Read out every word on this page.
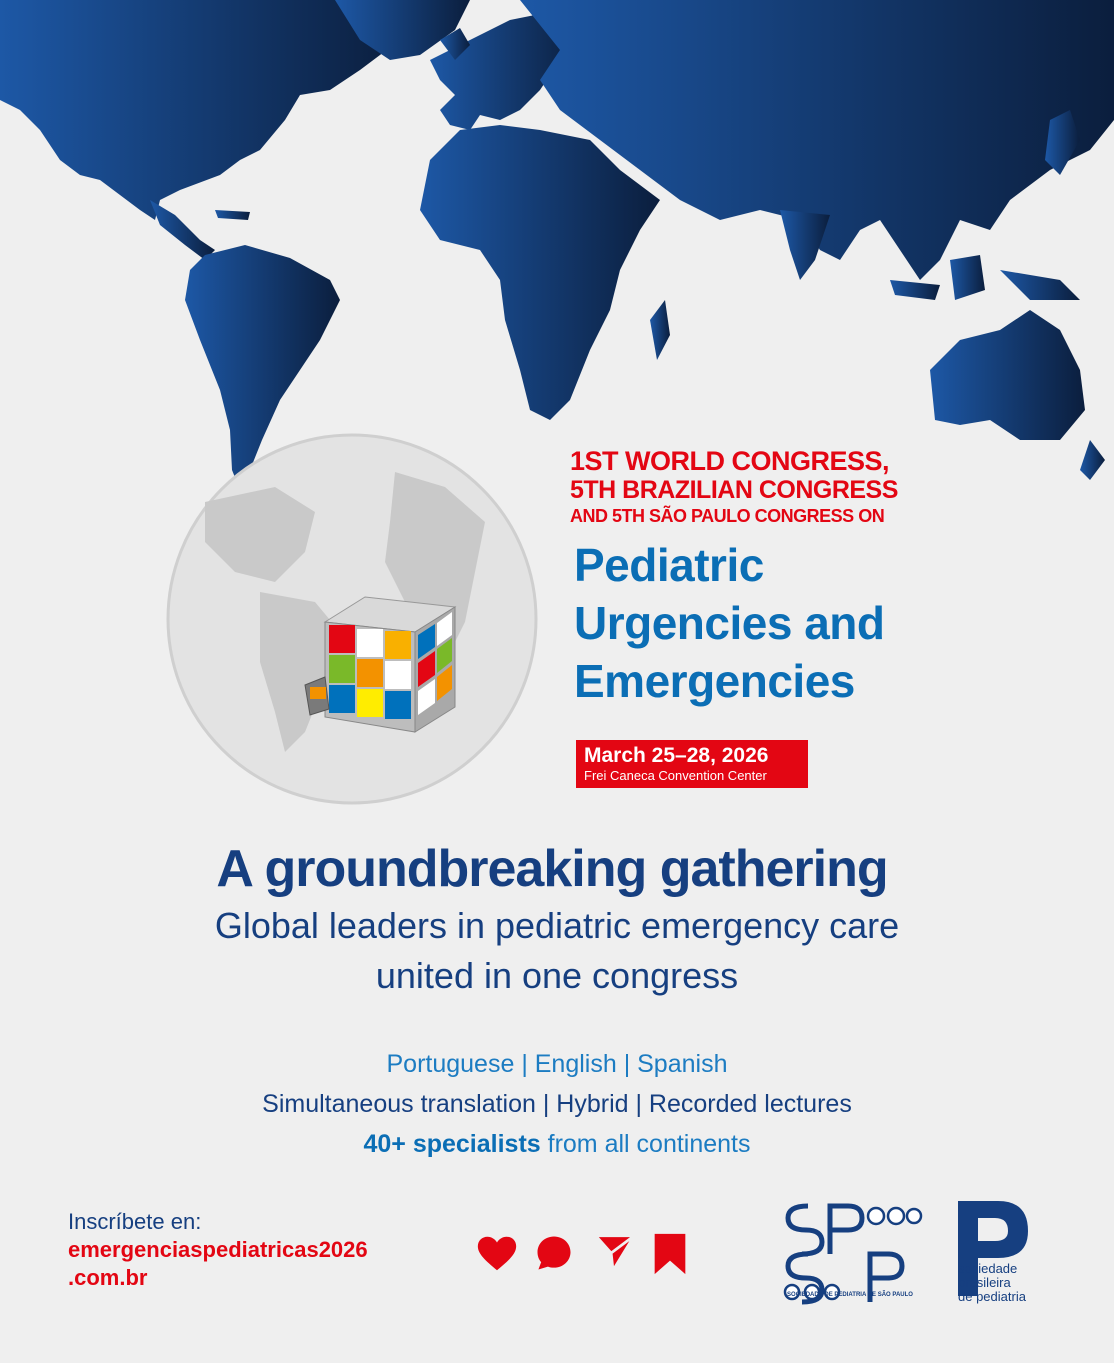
1ST WORLD CONGRESS,

5TH BRAZILIAN CONGRESS

AND 5TH SÃO PAULO CONGRESS ON

Pediatric
Urgencies and
Emergencies
March 25–28, 2026
Frei Caneca Convention Center
A groundbreaking gathering
Global leaders in pediatric emergency care
united in one congress
Portuguese | English | Spanish
Simultaneous translation | Hybrid | Recorded lectures
40+ specialists from all continents
Inscríbete en:
emergenciaspediatricas2026
.com.br
SOCIEDADE DE PEDIATRIA DE SÃO PAULO
sociedade
brasileira
de pediatria
